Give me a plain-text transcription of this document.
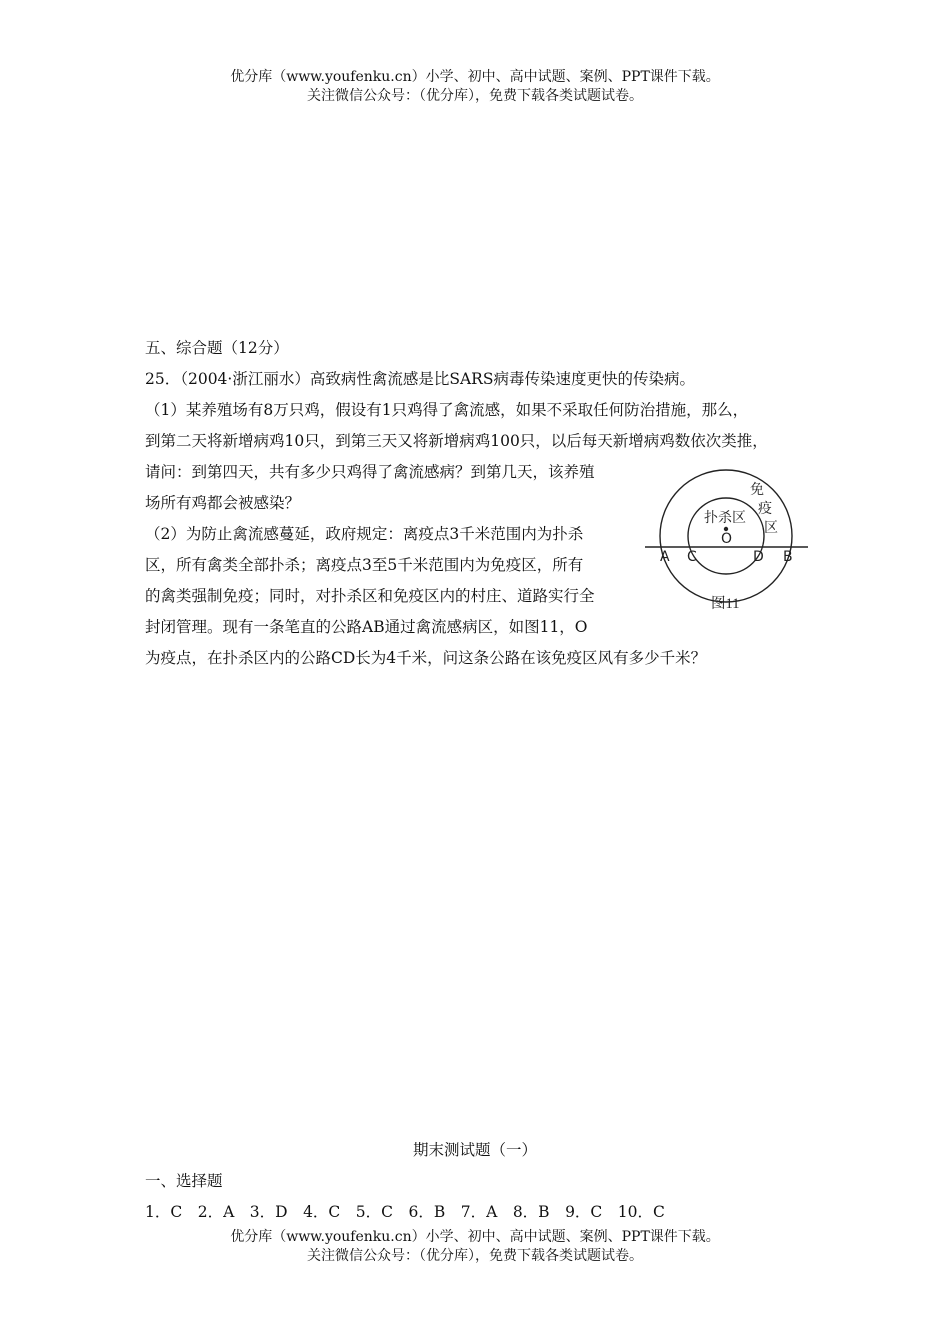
优分库（www.youfenku.cn）小学、初中、高中试题、案例、PPT课件下载。
关注微信公众号：（优分库），免费下载各类试题试卷。
五、综合题（12分）
25．（2004·浙江丽水）高致病性禽流感是比SARS病毒传染速度更快的传染病。
（1）某养殖场有8万只鸡，假设有1只鸡得了禽流感，如果不采取任何防治措施，那么，
到第二天将新增病鸡10只，到第三天又将新增病鸡100只，以后每天新增病鸡数依次类推，
请问：到第四天，共有多少只鸡得了禽流感病？到第几天，该养殖
场所有鸡都会被感染？
（2）为防止禽流感蔓延，政府规定：离疫点3千米范围内为扑杀
区，所有禽类全部扑杀；离疫点3至5千米范围内为免疫区，所有
的禽类强制免疫；同时，对扑杀区和免疫区内的村庄、道路实行全
封闭管理。现有一条笔直的公路AB通过禽流感病区，如图11，O
为疫点，在扑杀区内的公路CD长为4千米，问这条公路在该免疫区风有多少千米？
免
疫
区
扑杀区
O
A C	D B
图11
期末测试题（一）
一、选择题
1．C　2．A　3．D　4．C　5．C　6．B　7．A　8．B　9．C　10．C
优分库（www.youfenku.cn）小学、初中、高中试题、案例、PPT课件下载。
关注微信公众号：（优分库），免费下载各类试题试卷。
